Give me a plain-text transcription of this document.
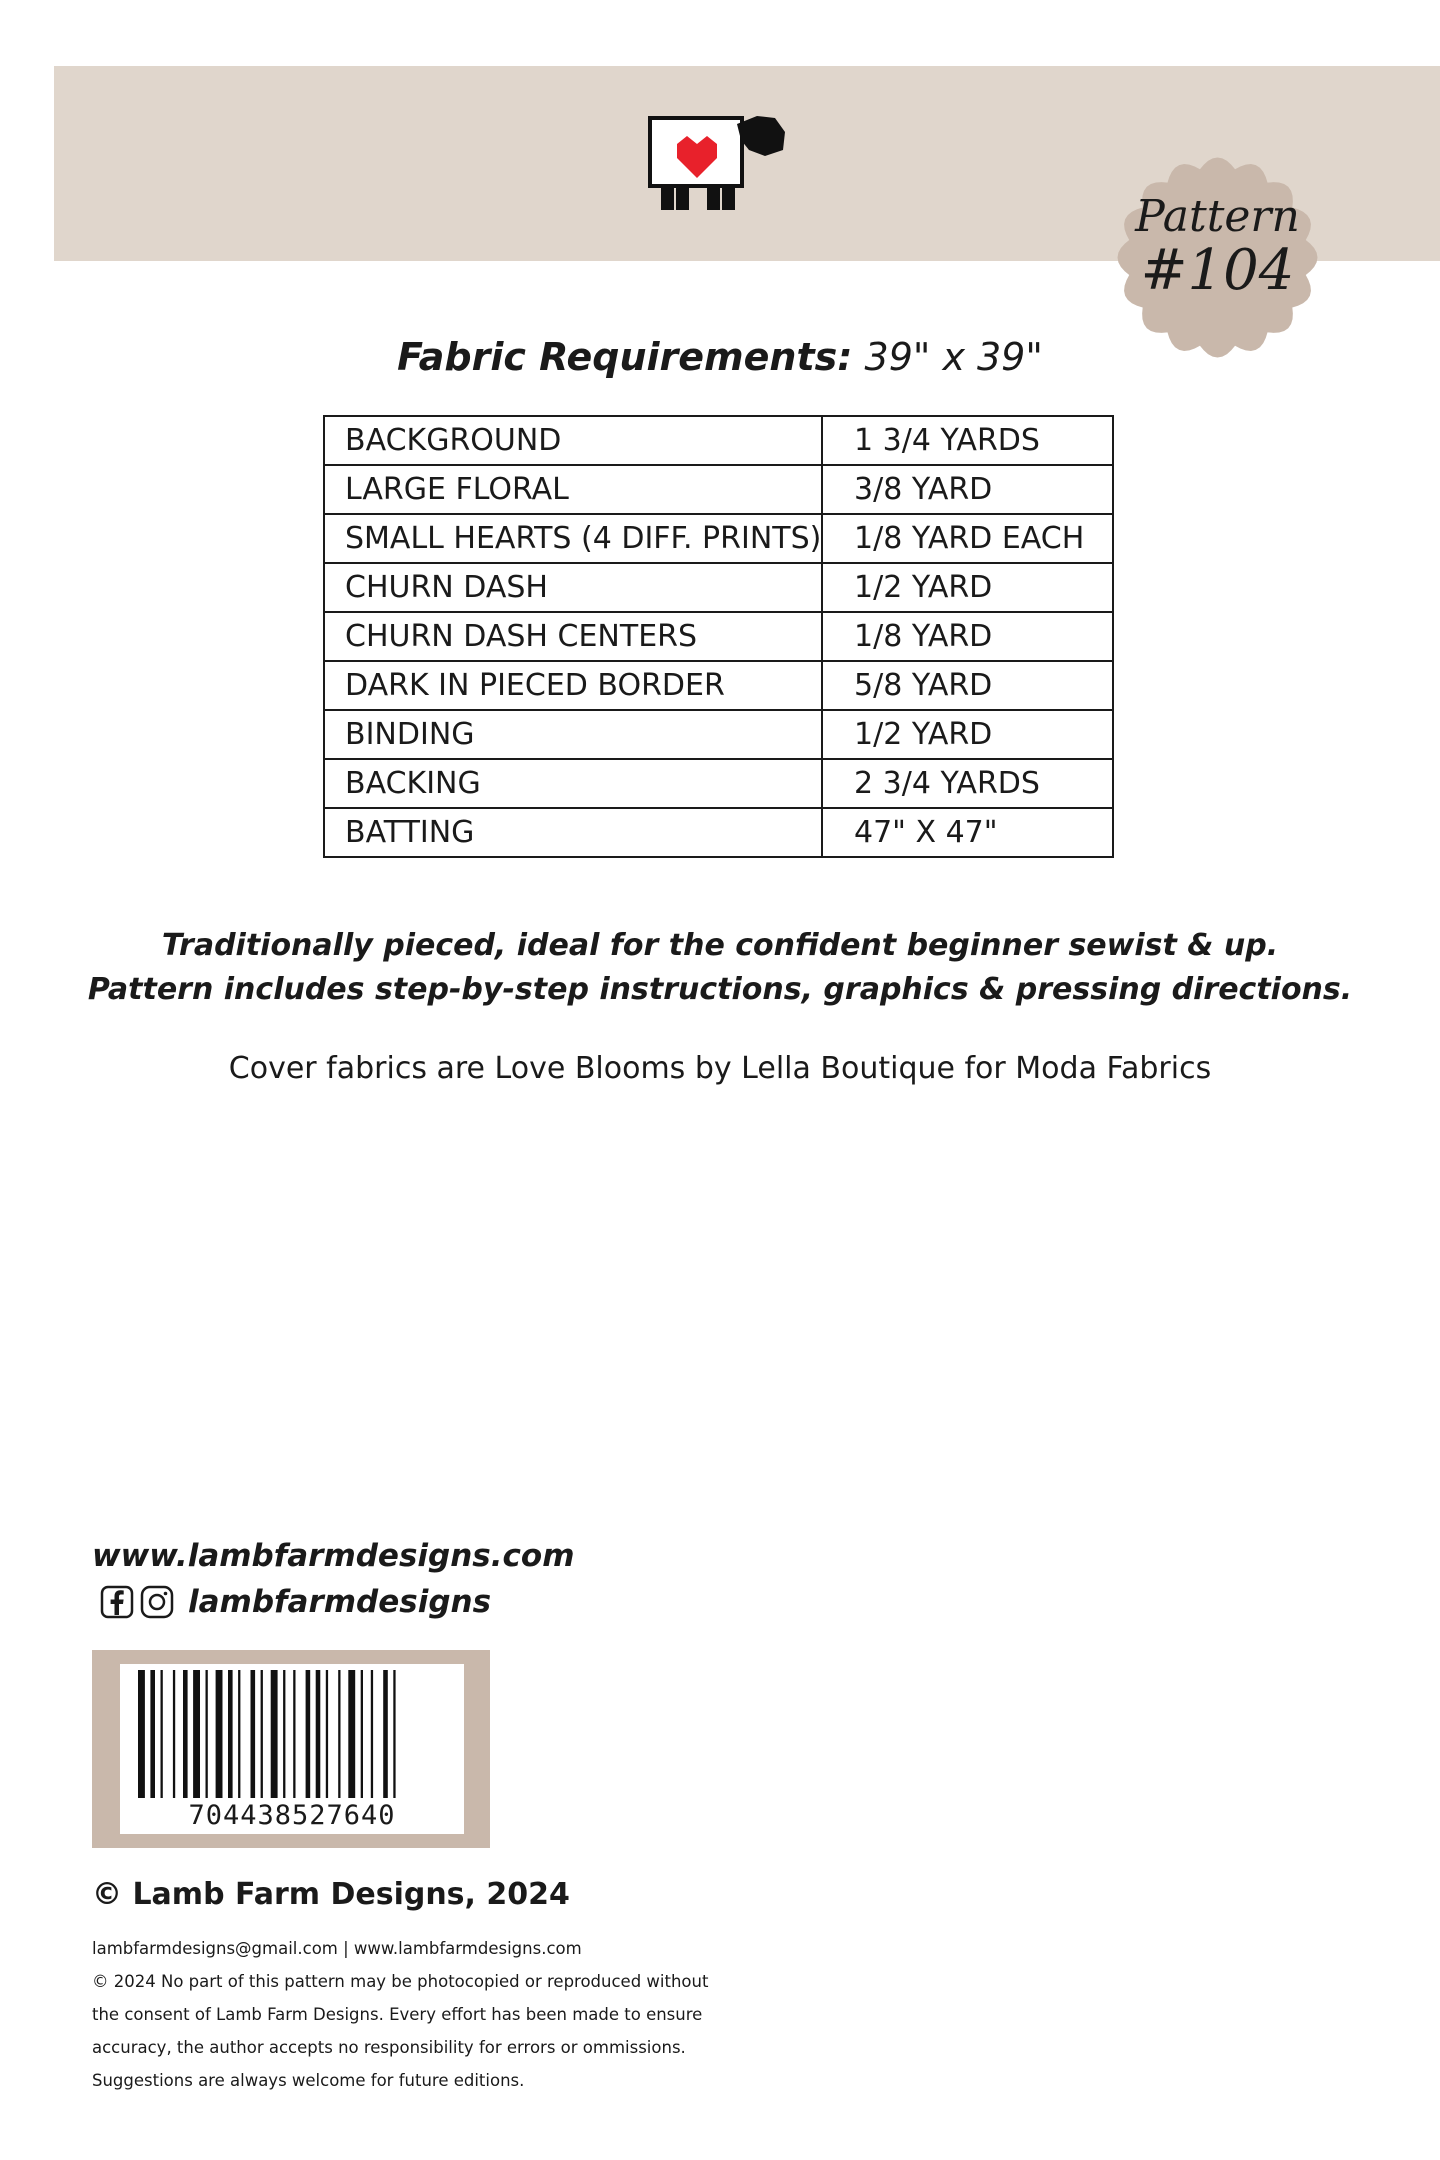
Pattern
#104
Fabric Requirements: 39" x 39"
BACKGROUND	1 3/4 YARDS
LARGE FLORAL	3/8 YARD
SMALL HEARTS (4 DIFF. PRINTS)	1/8 YARD EACH
CHURN DASH	1/2 YARD
CHURN DASH CENTERS	1/8 YARD
DARK IN PIECED BORDER	5/8 YARD
BINDING	1/2 YARD
BACKING	2 3/4 YARDS
BATTING	47" X 47"
Traditionally pieced, ideal for the confident beginner sewist & up.
Pattern includes step-by-step instructions, graphics & pressing directions.
Cover fabrics are Love Blooms by Lella Boutique for Moda Fabrics
www.lambfarmdesigns.com
lambfarmdesigns
704438527640
© Lamb Farm Designs, 2024
lambfarmdesigns@gmail.com | www.lambfarmdesigns.com
© 2024 No part of this pattern may be photocopied or reproduced without
the consent of Lamb Farm Designs. Every effort has been made to ensure
accuracy, the author accepts no responsibility for errors or ommissions.
Suggestions are always welcome for future editions.
